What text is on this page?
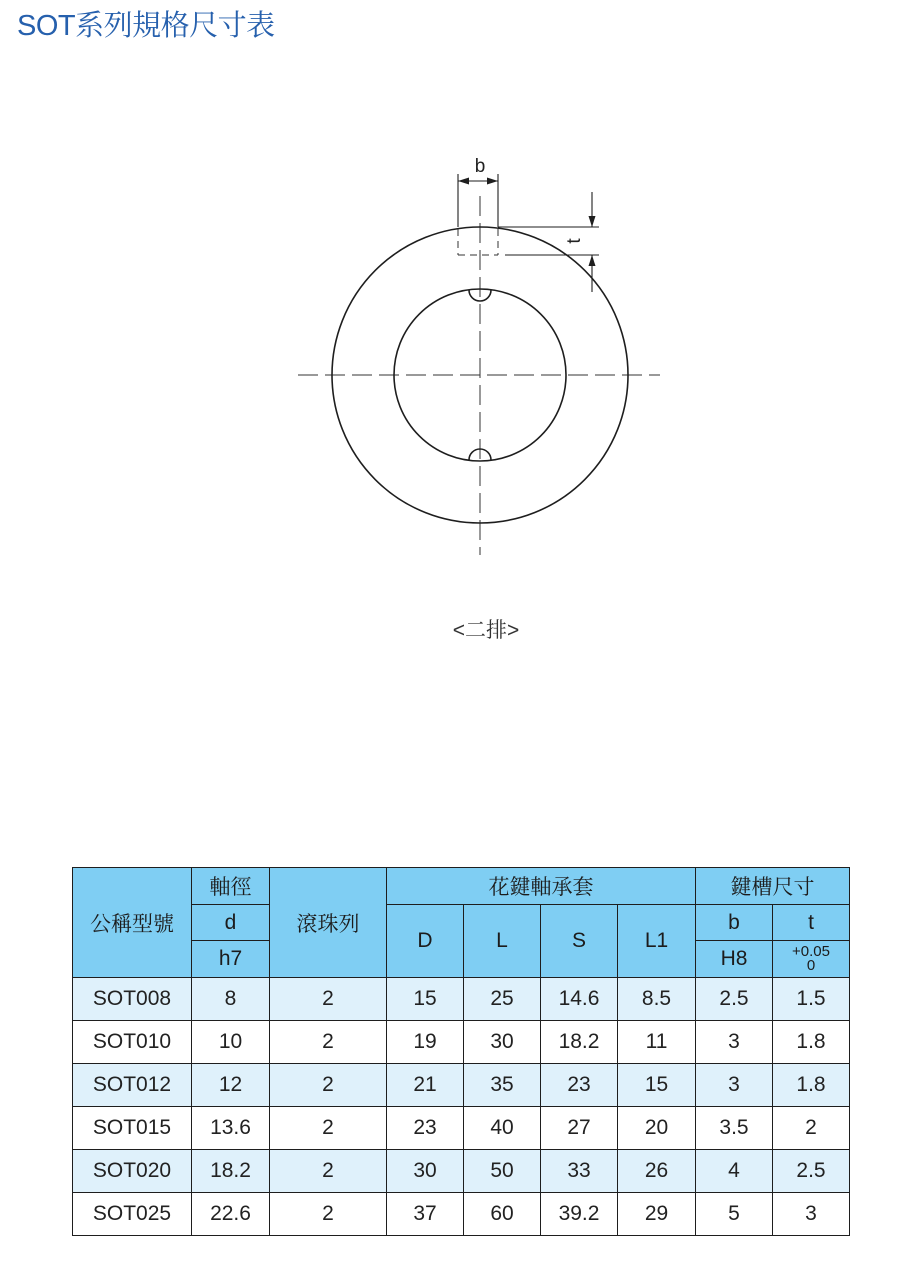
SOT系列規格尺寸表
b
t
<二排>
公稱型號	軸徑	滾珠列	花鍵軸承套				鍵槽尺寸	
	d		D	L	S	L1	b	t
	h7						H8	+0.05
0

SOT008	8	2	15	25	14.6	8.5	2.5	1.5
SOT010	10	2	19	30	18.2	11	3	1.8
SOT012	12	2	21	35	23	15	3	1.8
SOT015	13.6	2	23	40	27	20	3.5	2
SOT020	18.2	2	30	50	33	26	4	2.5
SOT025	22.6	2	37	60	39.2	29	5	3
